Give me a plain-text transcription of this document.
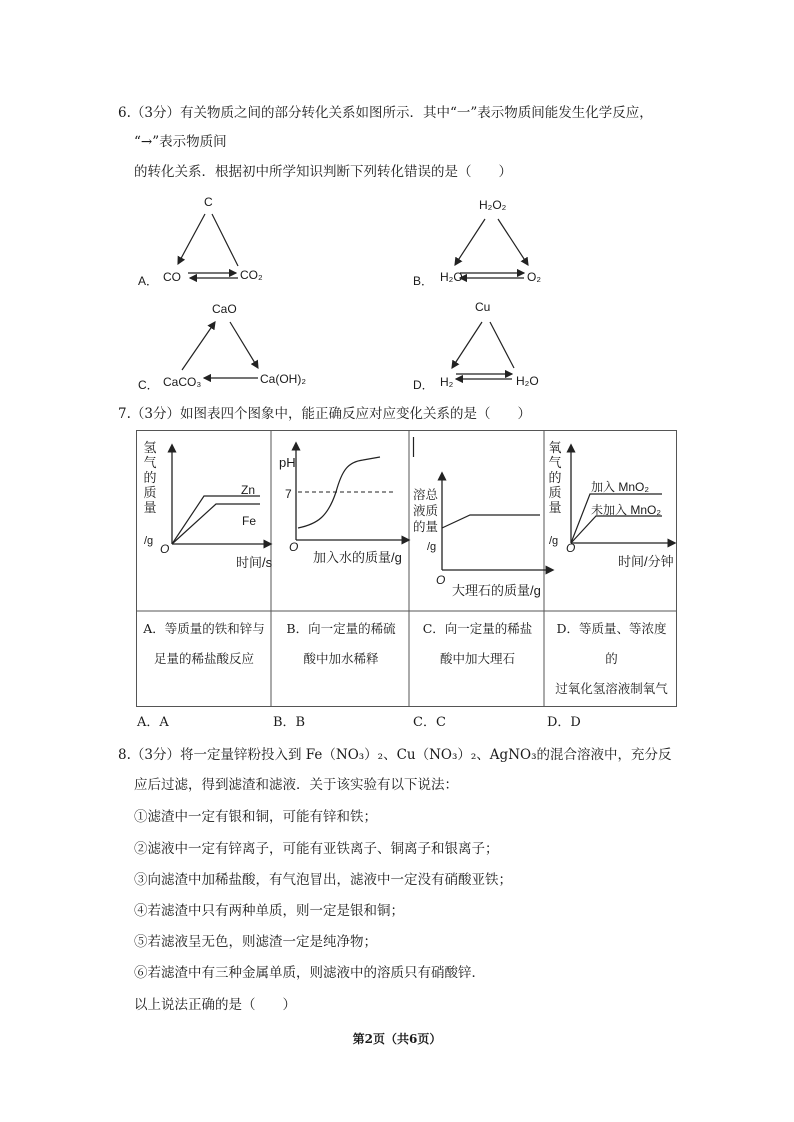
6.（3分）有关物质之间的部分转化关系如图所示．其中“一”表示物质间能发生化学反应，
“→”表示物质间
的转化关系．根据初中所学知识判断下列转化错误的是（　　）
A．
C
CO	CO₂	B．
H₂O₂
H₂O	O₂
C．
CaO
CaCO₃	Ca(OH)₂	D．
Cu
H₂	H₂O
7.（3分）如图表四个图象中，能正确反应对应变化关系的是（　　）
氢气的质量
/g
O
时间/s
Zn
Fe
pH
7
O
加入水的质量/g
溶总
液质
的量
/g
O
大理石的质量/g
氧气的质量
/g O
时间/分钟
加入 MnO₂
未加入 MnO₂
A．等质量的铁和锌与
足量的稀盐酸反应
B．向一定量的稀硫
酸中加水稀释
C．向一定量的稀盐
酸中加大理石
D．等质量、等浓度
的
过氧化氢溶液制氧气
A．A	B．B	C．C	D．D
8.（3分）将一定量锌粉投入到 Fe（NO₃）₂、Cu（NO₃）₂、AgNO₃的混合溶液中，充分反
应后过滤，得到滤渣和滤液．关于该实验有以下说法：
①滤渣中一定有银和铜，可能有锌和铁；
②滤液中一定有锌离子，可能有亚铁离子、铜离子和银离子；
③向滤渣中加稀盐酸，有气泡冒出，滤液中一定没有硝酸亚铁；
④若滤渣中只有两种单质，则一定是银和铜；
⑤若滤液呈无色，则滤渣一定是纯净物；
⑥若滤渣中有三种金属单质，则滤液中的溶质只有硝酸锌．
以上说法正确的是（　　）
第2页（共6页）
